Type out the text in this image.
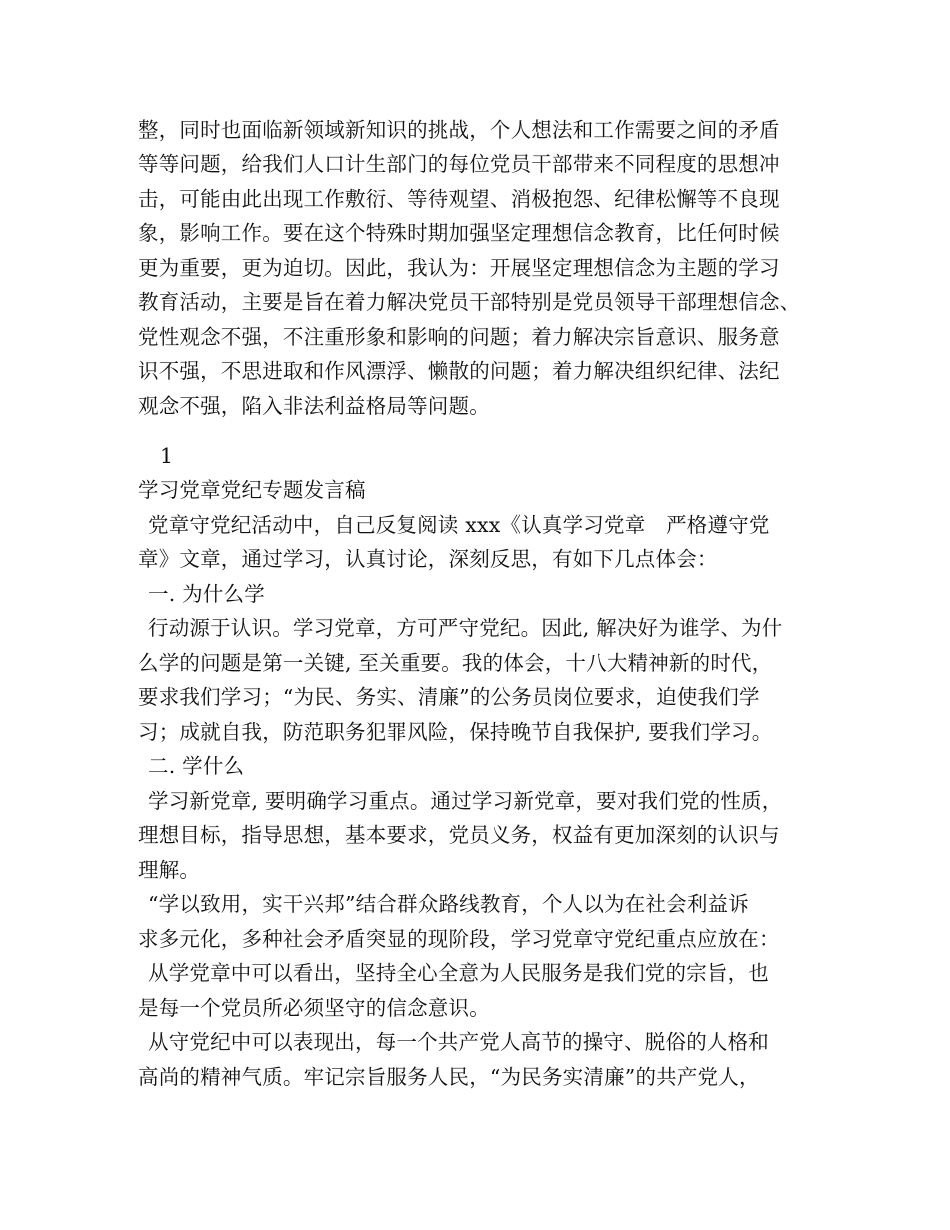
整，同时也面临新领域新知识的挑战，个人想法和工作需要之间的矛盾
等等问题，给我们人口计生部门的每位党员干部带来不同程度的思想冲
击，可能由此出现工作敷衍、等待观望、消极抱怨、纪律松懈等不良现
象，影响工作。要在这个特殊时期加强坚定理想信念教育，比任何时候
更为重要，更为迫切。因此，我认为：开展坚定理想信念为主题的学习
教育活动，主要是旨在着力解决党员干部特别是党员领导干部理想信念、
党性观念不强，不注重形象和影响的问题；着力解决宗旨意识、服务意
识不强，不思进取和作风漂浮、懒散的问题；着力解决组织纪律、法纪
观念不强，陷入非法利益格局等问题。
1
学习党章党纪专题发言稿
党章守党纪活动中，自己反复阅读 xxx《认真学习党章　严格遵守党
章》文章，通过学习，认真讨论，深刻反思，有如下几点体会：
一. 为什么学
行动源于认识。学习党章，方可严守党纪。因此, 解决好为谁学、为什
么学的问题是第一关键, 至关重要。我的体会，十八大精神新的时代，
要求我们学习；“为民、务实、清廉”的公务员岗位要求，迫使我们学
习；成就自我，防范职务犯罪风险，保持晚节自我保护, 要我们学习。
二. 学什么
学习新党章, 要明确学习重点。通过学习新党章，要对我们党的性质，
理想目标，指导思想，基本要求，党员义务，权益有更加深刻的认识与
理解。
“学以致用，实干兴邦”结合群众路线教育，个人以为在社会利益诉
求多元化，多种社会矛盾突显的现阶段，学习党章守党纪重点应放在：
从学党章中可以看出，坚持全心全意为人民服务是我们党的宗旨，也
是每一个党员所必须坚守的信念意识。
从守党纪中可以表现出，每一个共产党人高节的操守、脱俗的人格和
高尚的精神气质。牢记宗旨服务人民，“为民务实清廉”的共产党人，
